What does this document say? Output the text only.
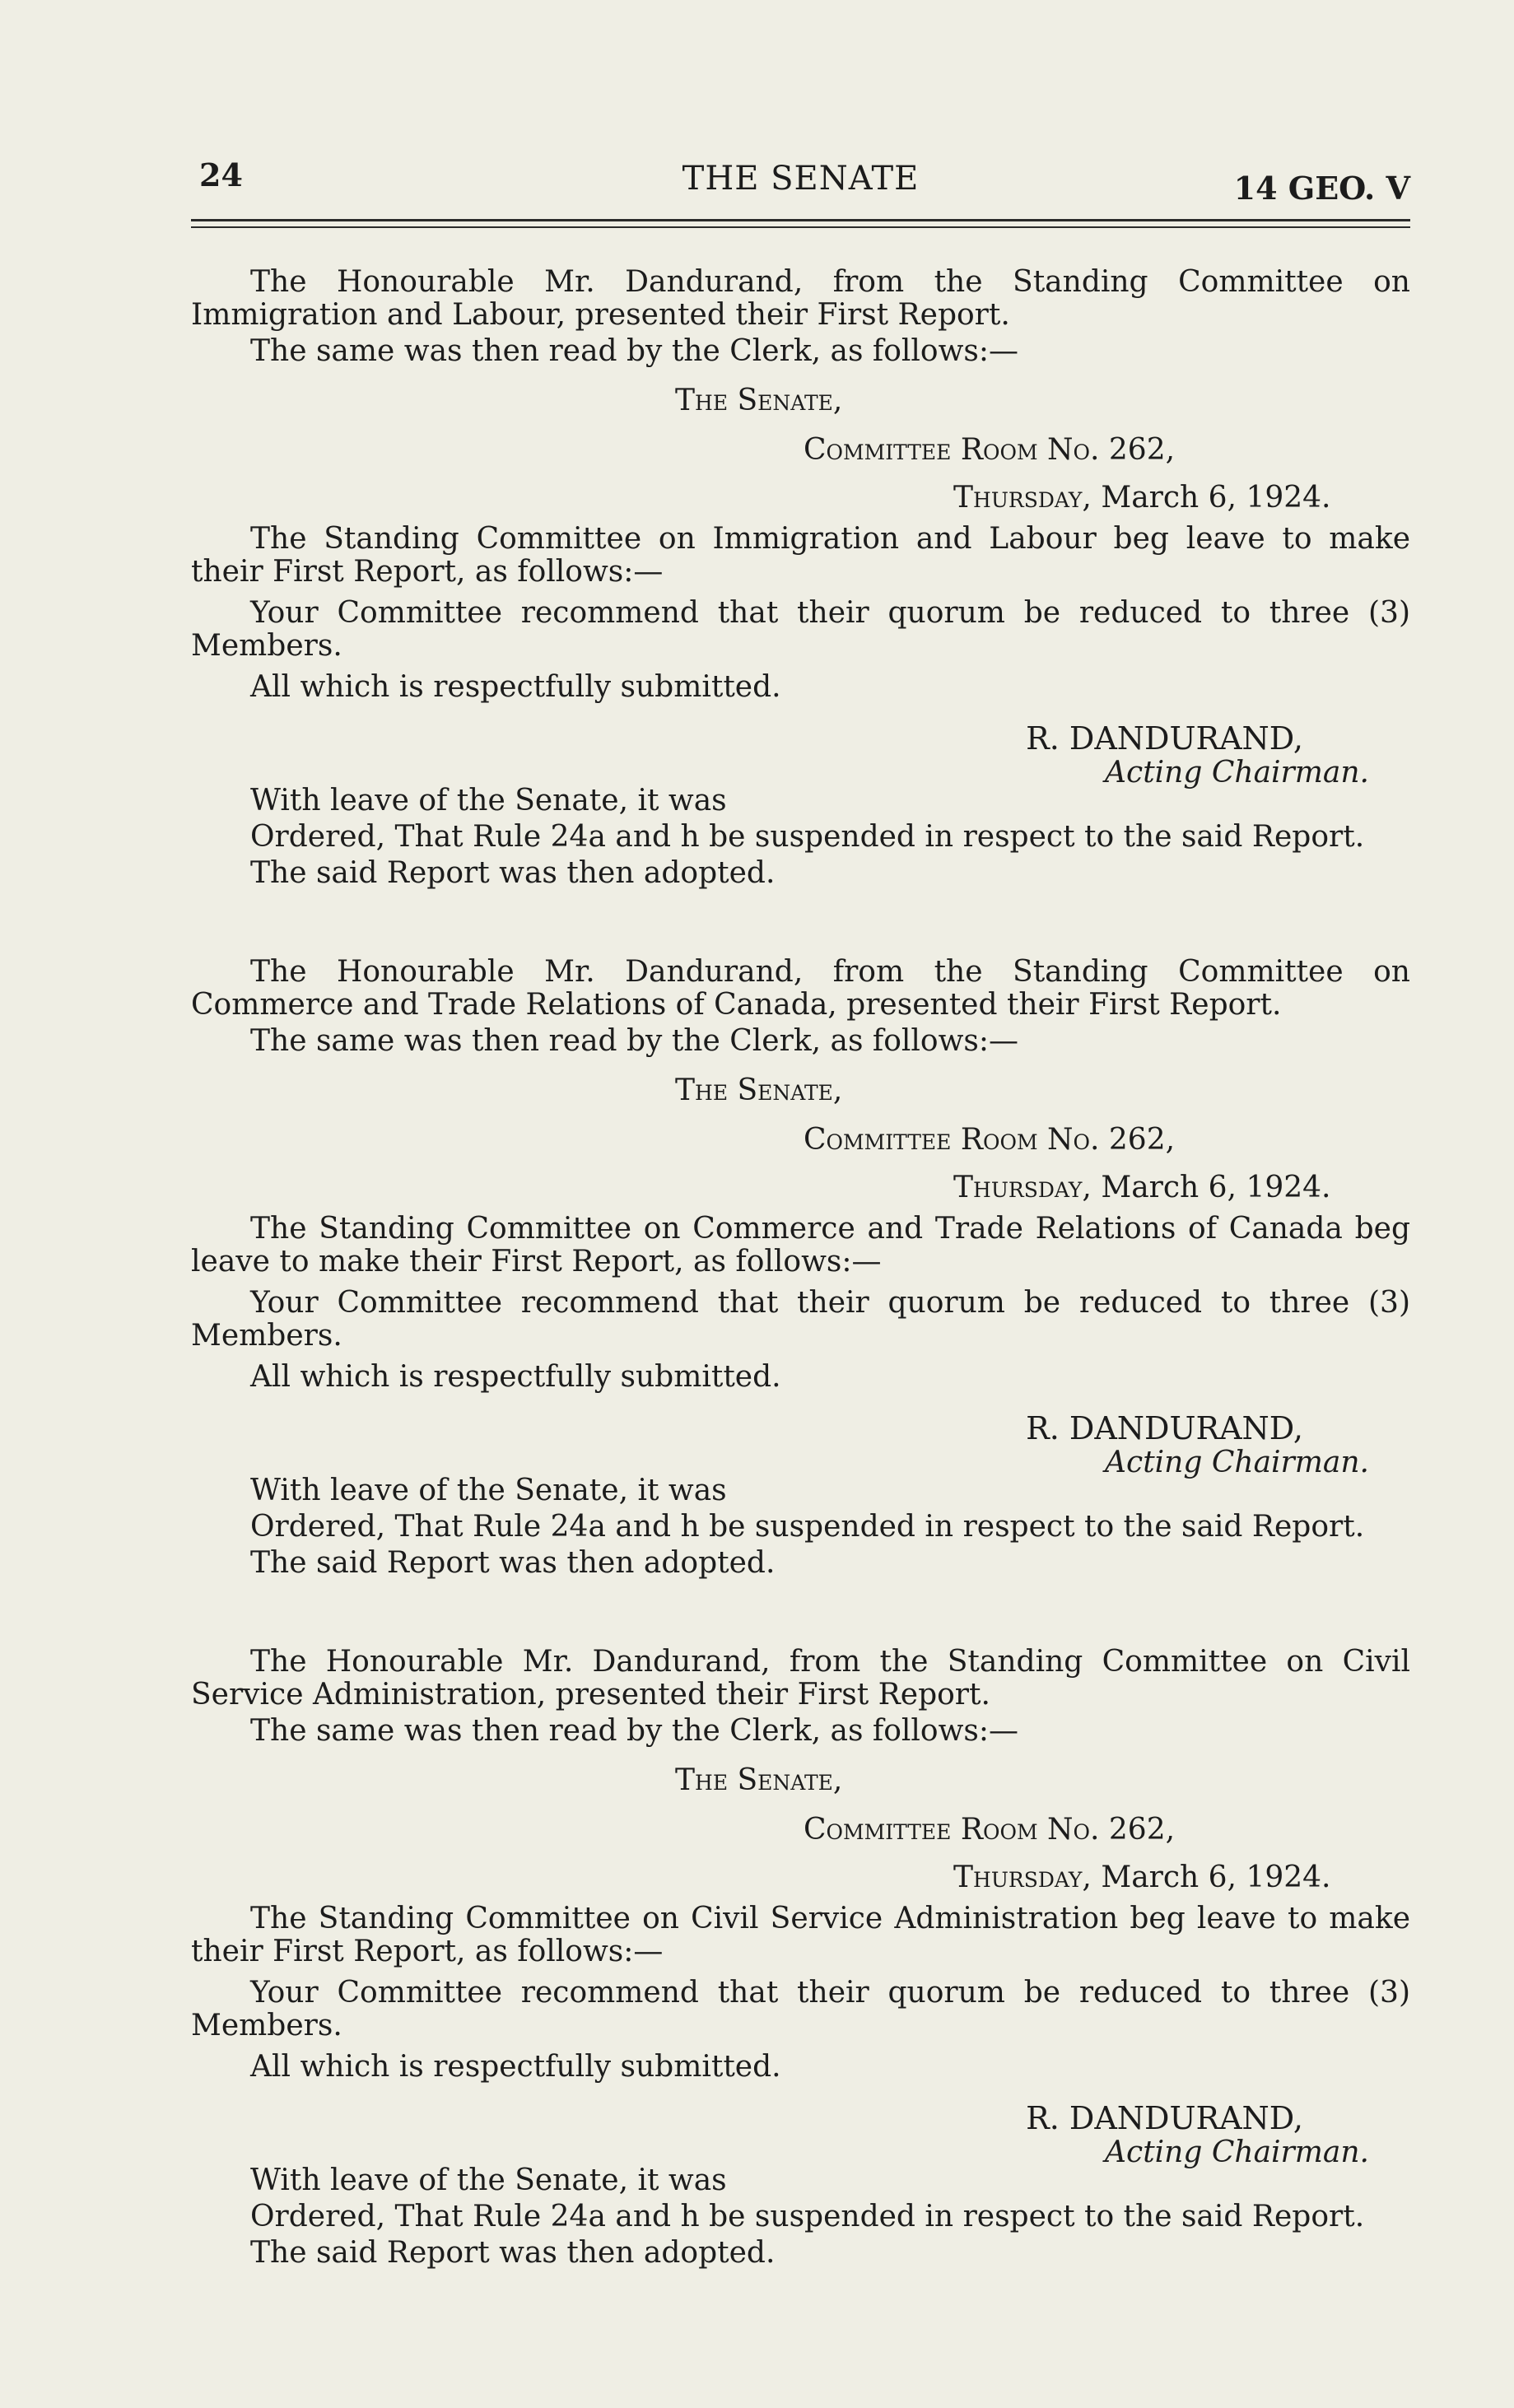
24	THE SENATE	14 GEO. V

The Honourable Mr. Dandurand, from the Standing Committee on Immigration and Labour, presented their First Report.

The same was then read by the Clerk, as follows:—

The Senate,

Committee Room No. 262,

Thursday, March 6, 1924.

The Standing Committee on Immigration and Labour beg leave to make their First Report, as follows:—

Your Committee recommend that their quorum be reduced to three (3) Members.

All which is respectfully submitted.

R. DANDURAND,

Acting Chairman.

With leave of the Senate, it was

Ordered, That Rule 24a and h be suspended in respect to the said Report.

The said Report was then adopted.

The Honourable Mr. Dandurand, from the Standing Committee on Commerce and Trade Relations of Canada, presented their First Report.

The same was then read by the Clerk, as follows:—

The Senate,

Committee Room No. 262,

Thursday, March 6, 1924.

The Standing Committee on Commerce and Trade Relations of Canada beg leave to make their First Report, as follows:—

Your Committee recommend that their quorum be reduced to three (3) Members.

All which is respectfully submitted.

R. DANDURAND,

Acting Chairman.

With leave of the Senate, it was

Ordered, That Rule 24a and h be suspended in respect to the said Report.

The said Report was then adopted.

The Honourable Mr. Dandurand, from the Standing Committee on Civil Service Administration, presented their First Report.

The same was then read by the Clerk, as follows:—

The Senate,

Committee Room No. 262,

Thursday, March 6, 1924.

The Standing Committee on Civil Service Administration beg leave to make their First Report, as follows:—

Your Committee recommend that their quorum be reduced to three (3) Members.

All which is respectfully submitted.

R. DANDURAND,

Acting Chairman.

With leave of the Senate, it was

Ordered, That Rule 24a and h be suspended in respect to the said Report.

The said Report was then adopted.
